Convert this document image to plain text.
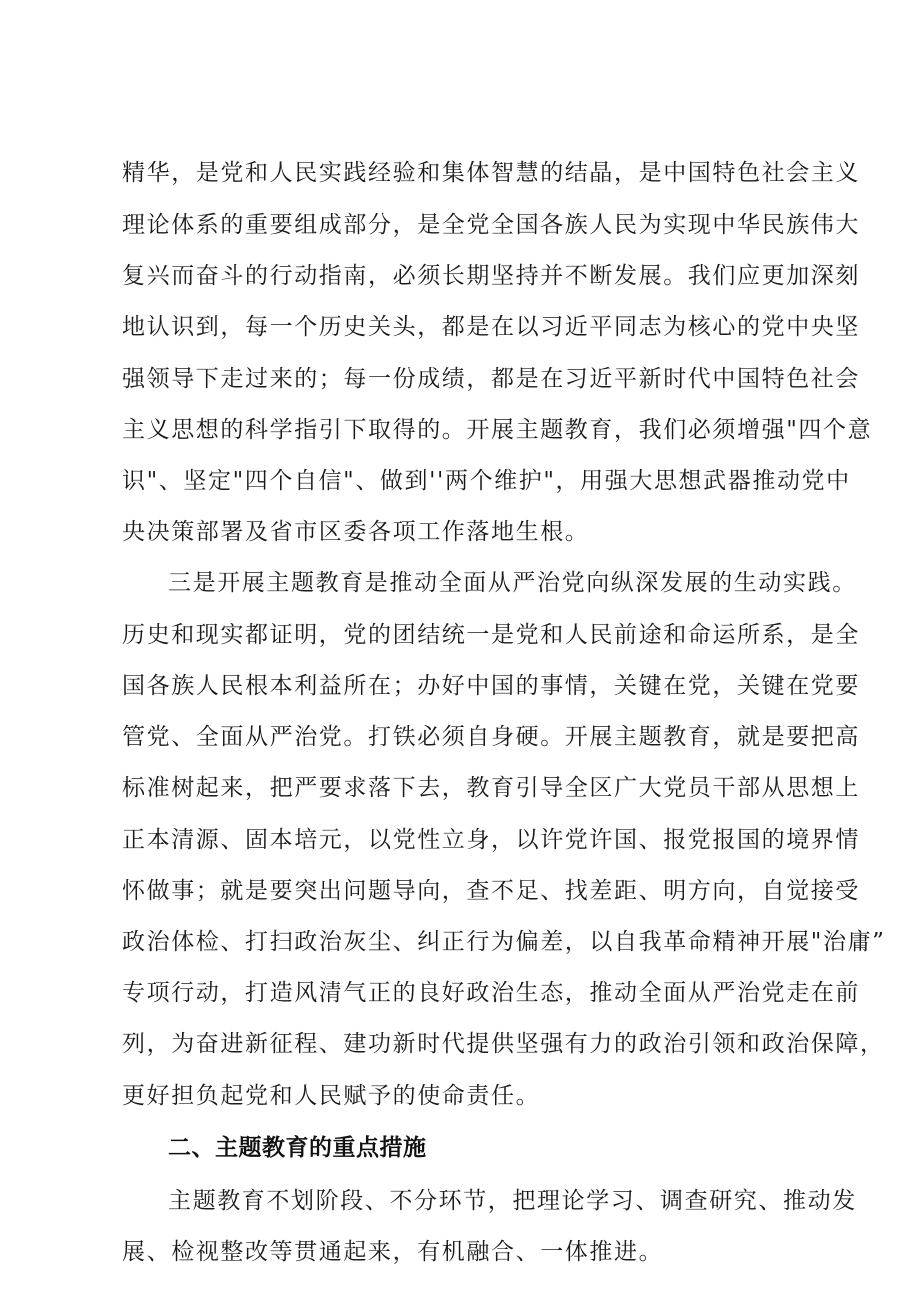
精华，是党和人民实践经验和集体智慧的结晶，是中国特色社会主义
理论体系的重要组成部分，是全党全国各族人民为实现中华民族伟大
复兴而奋斗的行动指南，必须长期坚持并不断发展。我们应更加深刻
地认识到，每一个历史关头，都是在以习近平同志为核心的党中央坚
强领导下走过来的；每一份成绩，都是在习近平新时代中国特色社会
主义思想的科学指引下取得的。开展主题教育，我们必须增强"四个意
识"、坚定"四个自信"、做到''两个维护"，用强大思想武器推动党中
央决策部署及省市区委各项工作落地生根。
三是开展主题教育是推动全面从严治党向纵深发展的生动实践。
历史和现实都证明，党的团结统一是党和人民前途和命运所系，是全
国各族人民根本利益所在；办好中国的事情，关键在党，关键在党要
管党、全面从严治党。打铁必须自身硬。开展主题教育，就是要把高
标准树起来，把严要求落下去，教育引导全区广大党员干部从思想上
正本清源、固本培元，以党性立身，以许党许国、报党报国的境界情
怀做事；就是要突出问题导向，查不足、找差距、明方向，自觉接受
政治体检、打扫政治灰尘、纠正行为偏差，以自我革命精神开展"治庸”
专项行动，打造风清气正的良好政治生态，推动全面从严治党走在前
列，为奋进新征程、建功新时代提供坚强有力的政治引领和政治保障，
更好担负起党和人民赋予的使命责任。
二、主题教育的重点措施
主题教育不划阶段、不分环节，把理论学习、调查研究、推动发
展、检视整改等贯通起来，有机融合、一体推进。
